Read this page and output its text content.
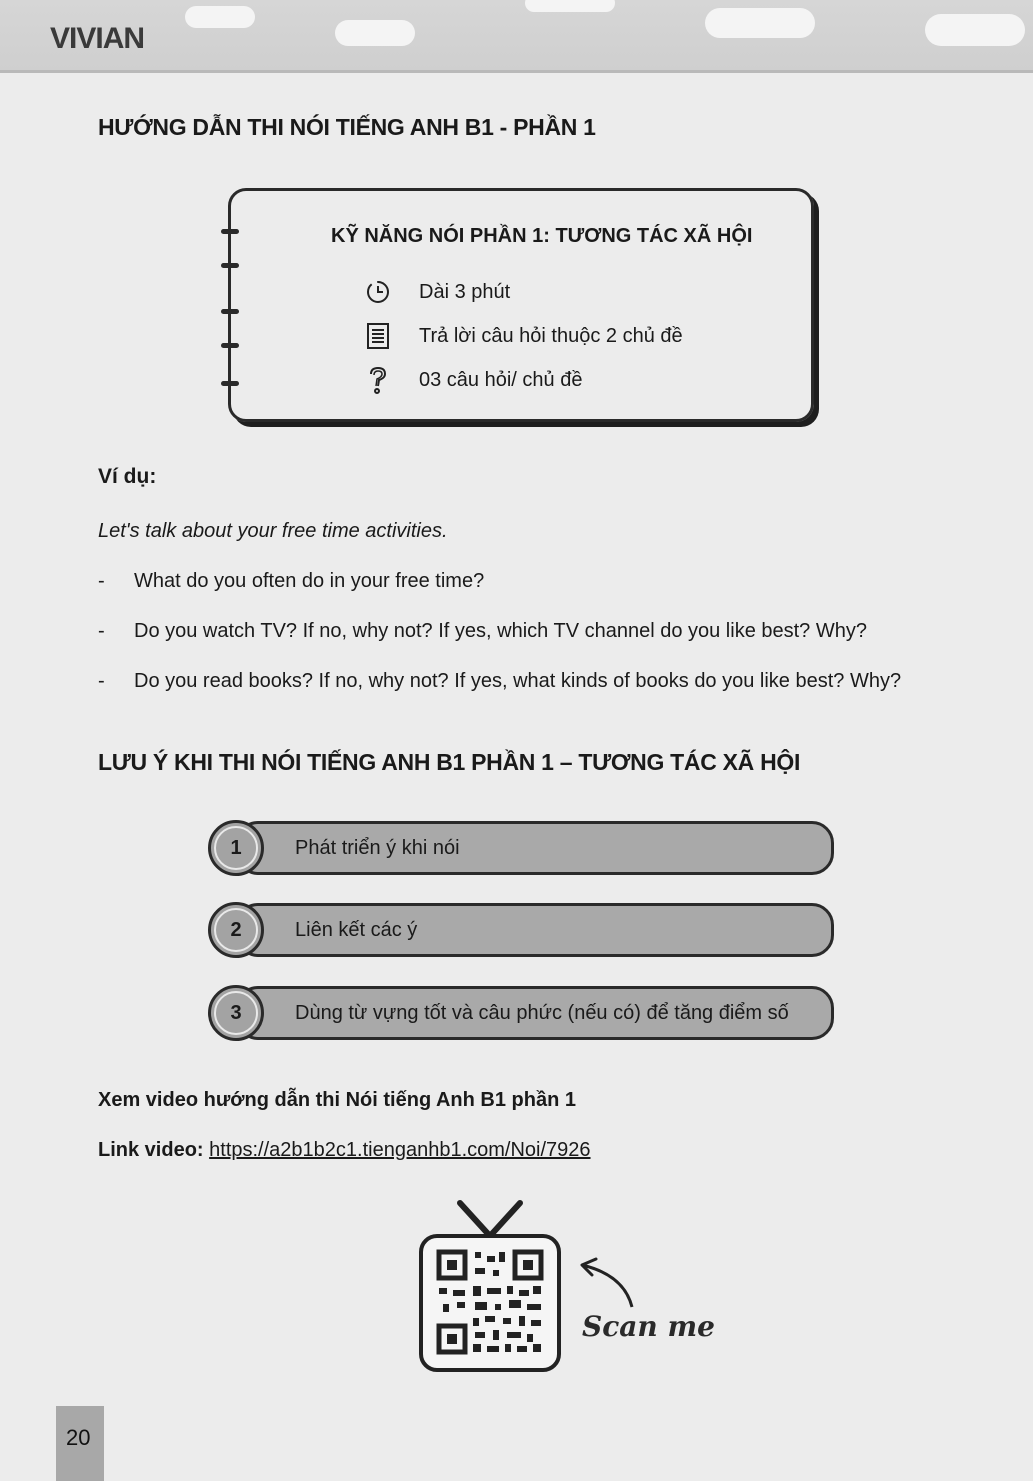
VIVIAN
HƯỚNG DẪN THI NÓI TIẾNG ANH B1 - PHẦN 1
KỸ NĂNG NÓI PHẦN 1: TƯƠNG TÁC XÃ HỘI
Dài 3 phút
Trả lời câu hỏi thuộc 2 chủ đề
03 câu hỏi/ chủ đề
Ví dụ:
Let's talk about your free time activities.
- What do you often do in your free time?
- Do you watch TV? If no, why not? If yes, which TV channel do you like best? Why?
- Do you read books? If no, why not? If yes, what kinds of books do you like best? Why?
LƯU Ý KHI THI NÓI TIẾNG ANH B1 PHẦN 1 – TƯƠNG TÁC XÃ HỘI
Phát triển ý khi nói
1
Liên kết các ý
2
Dùng từ vựng tốt và câu phức (nếu có) để tăng điểm số
3
Xem video hướng dẫn thi Nói tiếng Anh B1 phần 1
Link video: https://a2b1b2c1.tienganhb1.com/Noi/7926
Scan me
20
